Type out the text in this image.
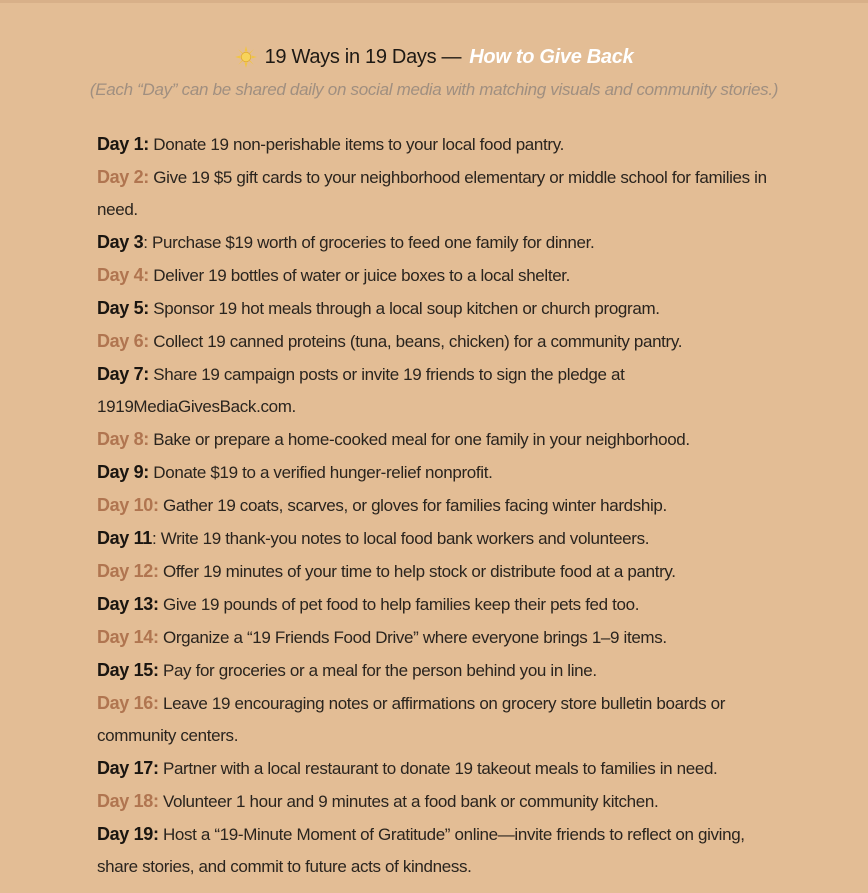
19 Ways in 19 Days — How to Give Back
(Each “Day” can be shared daily on social media with matching visuals and community stories.)
Day 1: Donate 19 non-perishable items to your local food pantry.
Day 2: Give 19 $5 gift cards to your neighborhood elementary or middle school for families in need.
Day 3: Purchase $19 worth of groceries to feed one family for dinner.
Day 4: Deliver 19 bottles of water or juice boxes to a local shelter.
Day 5: Sponsor 19 hot meals through a local soup kitchen or church program.
Day 6: Collect 19 canned proteins (tuna, beans, chicken) for a community pantry.
Day 7: Share 19 campaign posts or invite 19 friends to sign the pledge at 1919MediaGivesBack.com.
Day 8: Bake or prepare a home-cooked meal for one family in your neighborhood.
Day 9: Donate $19 to a verified hunger-relief nonprofit.
Day 10: Gather 19 coats, scarves, or gloves for families facing winter hardship.
Day 11: Write 19 thank-you notes to local food bank workers and volunteers.
Day 12: Offer 19 minutes of your time to help stock or distribute food at a pantry.
Day 13: Give 19 pounds of pet food to help families keep their pets fed too.
Day 14: Organize a “19 Friends Food Drive” where everyone brings 1–9 items.
Day 15: Pay for groceries or a meal for the person behind you in line.
Day 16: Leave 19 encouraging notes or affirmations on grocery store bulletin boards or community centers.
Day 17: Partner with a local restaurant to donate 19 takeout meals to families in need.
Day 18: Volunteer 1 hour and 9 minutes at a food bank or community kitchen.
Day 19: Host a “19-Minute Moment of Gratitude” online—invite friends to reflect on giving, share stories, and commit to future acts of kindness.
